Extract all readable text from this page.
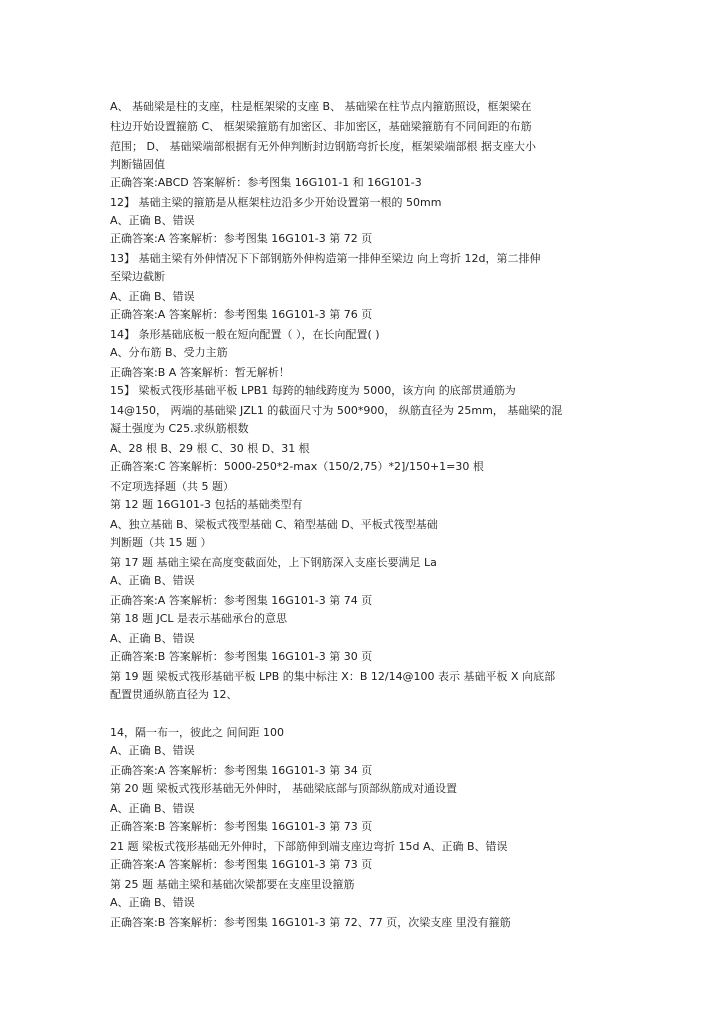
A、 基础梁是柱的支座，柱是框架梁的支座 B、 基础梁在柱节点内箍筋照设，框架梁在
柱边开始设置箍筋 C、 框架梁箍筋有加密区、非加密区，基础梁箍筋有不同间距的布筋
范围； D、 基础梁端部根据有无外伸判断封边钢筋弯折长度，框架梁端部根 据支座大小
判断锚固值
正确答案:ABCD 答案解析：参考图集 16G101-1 和 16G101-3
12】 基础主梁的箍筋是从框架柱边沿多少开始设置第一根的 50mm
A、正确 B、错误
正确答案:A 答案解析：参考图集 16G101-3 第 72 页
13】 基础主梁有外伸情况下下部钢筋外伸构造第一排伸至梁边 向上弯折 12d，第二排伸
至梁边截断
A、正确 B、错误
正确答案:A 答案解析：参考图集 16G101-3 第 76 页
14】 条形基础底板一般在短向配置（ ），在长向配置( )
A、分布筋 B、受力主筋
正确答案:B A 答案解析：暂无解析！
15】 梁板式筏形基础平板 LPB1 每跨的轴线跨度为 5000，该方向 的底部贯通筋为
14@150， 两端的基础梁 JZL1 的截面尺寸为 500*900， 纵筋直径为 25mm， 基础梁的混
凝土强度为 C25.求纵筋根数
A、28 根 B、29 根 C、30 根 D、31 根
正确答案:C 答案解析：5000-250*2-max（150/2,75）*2]/150+1=30 根
不定项选择题（共 5 题）
第 12 题 16G101-3 包括的基础类型有
A、独立基础 B、梁板式筏型基础 C、箱型基础 D、平板式筏型基础
判断题（共 15 题 ）
第 17 题 基础主梁在高度变截面处，上下钢筋深入支座长要满足 La
A、正确 B、错误
正确答案:A 答案解析：参考图集 16G101-3 第 74 页
第 18 题 JCL 是表示基础承台的意思
A、正确 B、错误
正确答案:B 答案解析：参考图集 16G101-3 第 30 页
第 19 题 梁板式筏形基础平板 LPB 的集中标注 X：B 12/14@100 表示 基础平板 X 向底部
配置贯通纵筋直径为 12、
14，隔一布一，彼此之 间间距 100
A、正确 B、错误
正确答案:A 答案解析：参考图集 16G101-3 第 34 页
第 20 题 梁板式筏形基础无外伸时， 基础梁底部与顶部纵筋成对通设置
A、正确 B、错误
正确答案:B 答案解析：参考图集 16G101-3 第 73 页
21 题 梁板式筏形基础无外伸时，下部筋伸到端支座边弯折 15d A、正确 B、错误
正确答案:A 答案解析：参考图集 16G101-3 第 73 页
第 25 题 基础主梁和基础次梁都要在支座里设箍筋
A、正确 B、错误
正确答案:B 答案解析：参考图集 16G101-3 第 72、77 页，次梁支座 里没有箍筋
